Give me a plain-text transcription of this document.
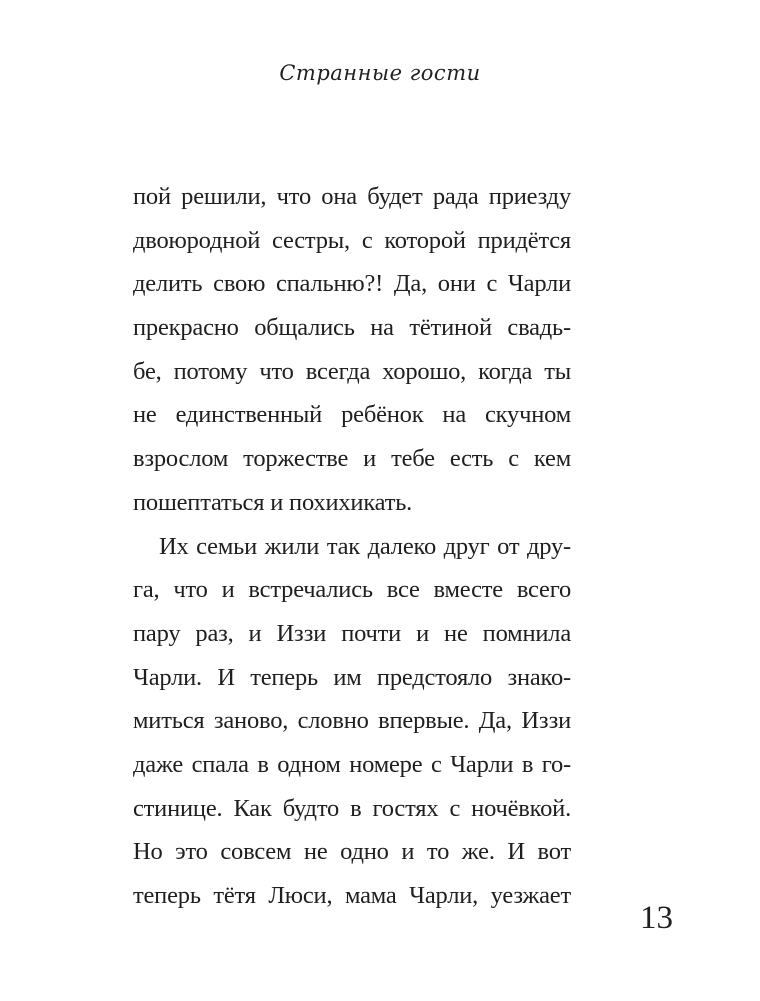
Странные гости
пой решили, что она будет рада приезду
двоюродной сестры, с которой придётся
делить свою спальню?! Да, они с Чарли
прекрасно общались на тётиной свадь-
бе, потому что всегда хорошо, когда ты
не единственный ребёнок на скучном
взрослом торжестве и тебе есть с кем
пошептаться и похихикать.
Их семьи жили так далеко друг от дру-
га, что и встречались все вместе всего
пару раз, и Иззи почти и не помнила
Чарли. И теперь им предстояло знако-
миться заново, словно впервые. Да, Иззи
даже спала в одном номере с Чарли в го-
стинице. Как будто в гостях с ночёвкой.
Но это совсем не одно и то же. И вот
теперь тётя Люси, мама Чарли, уезжает
13
